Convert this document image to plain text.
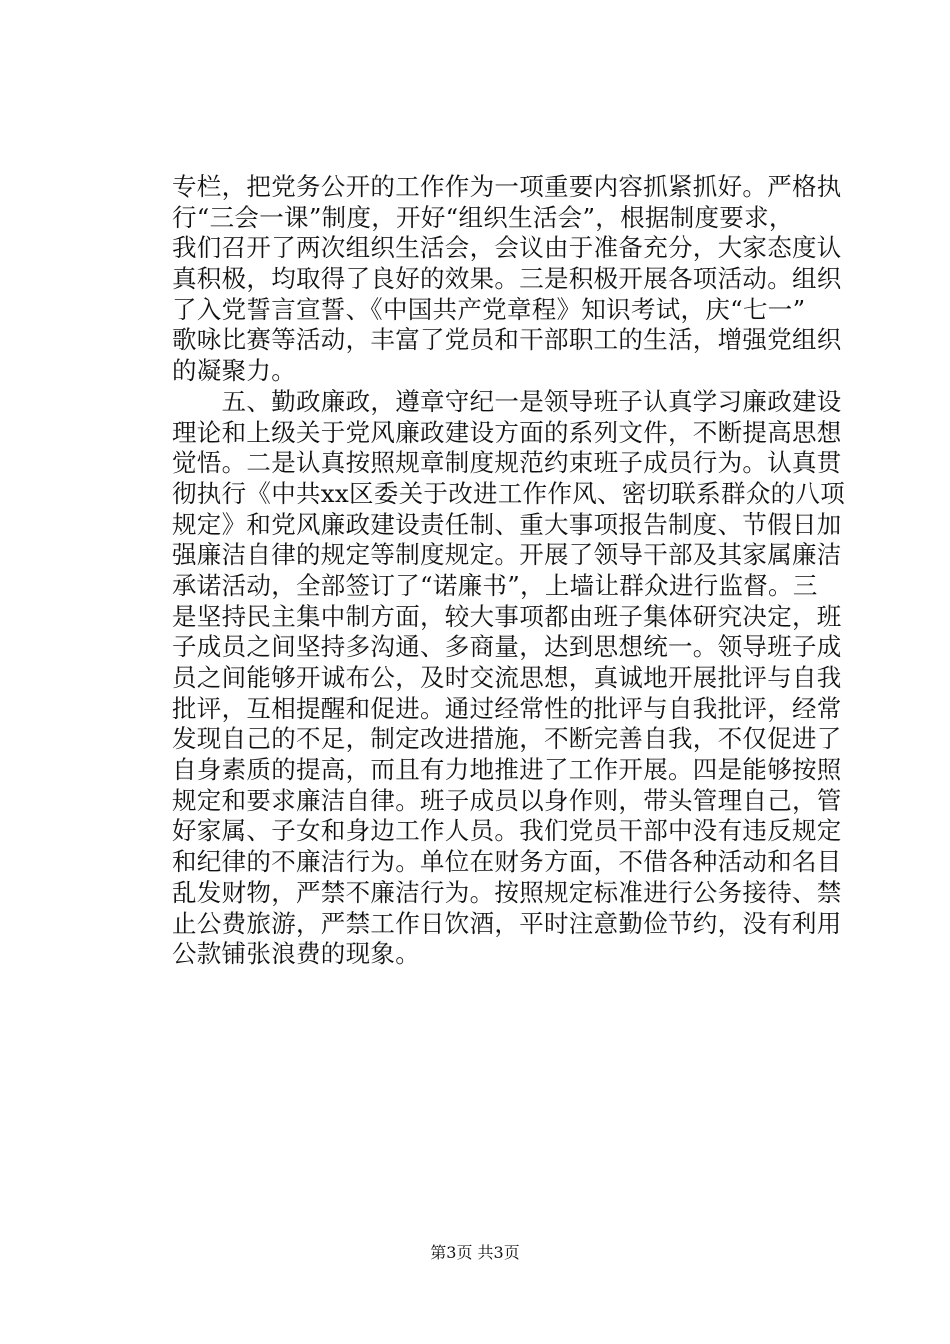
专栏，把党务公开的工作作为一项重要内容抓紧抓好。严格执
行“三会一课”制度，开好“组织生活会”，根据制度要求，
我们召开了两次组织生活会，会议由于准备充分，大家态度认
真积极，均取得了良好的效果。三是积极开展各项活动。组织
了入党誓言宣誓、《中国共产党章程》知识考试，庆“七一”
歌咏比赛等活动，丰富了党员和干部职工的生活，增强党组织
的凝聚力。
　　五、勤政廉政，遵章守纪一是领导班子认真学习廉政建设
理论和上级关于党风廉政建设方面的系列文件，不断提高思想
觉悟。二是认真按照规章制度规范约束班子成员行为。认真贯
彻执行《中共xx区委关于改进工作作风、密切联系群众的八项
规定》和党风廉政建设责任制、重大事项报告制度、节假日加
强廉洁自律的规定等制度规定。开展了领导干部及其家属廉洁
承诺活动，全部签订了“诺廉书”，上墙让群众进行监督。三
是坚持民主集中制方面，较大事项都由班子集体研究决定，班
子成员之间坚持多沟通、多商量，达到思想统一。领导班子成
员之间能够开诚布公，及时交流思想，真诚地开展批评与自我
批评，互相提醒和促进。通过经常性的批评与自我批评，经常
发现自己的不足，制定改进措施，不断完善自我，不仅促进了
自身素质的提高，而且有力地推进了工作开展。四是能够按照
规定和要求廉洁自律。班子成员以身作则，带头管理自己，管
好家属、子女和身边工作人员。我们党员干部中没有违反规定
和纪律的不廉洁行为。单位在财务方面，不借各种活动和名目
乱发财物，严禁不廉洁行为。按照规定标准进行公务接待、禁
止公费旅游，严禁工作日饮酒，平时注意勤俭节约，没有利用
公款铺张浪费的现象。
第3页 共3页
